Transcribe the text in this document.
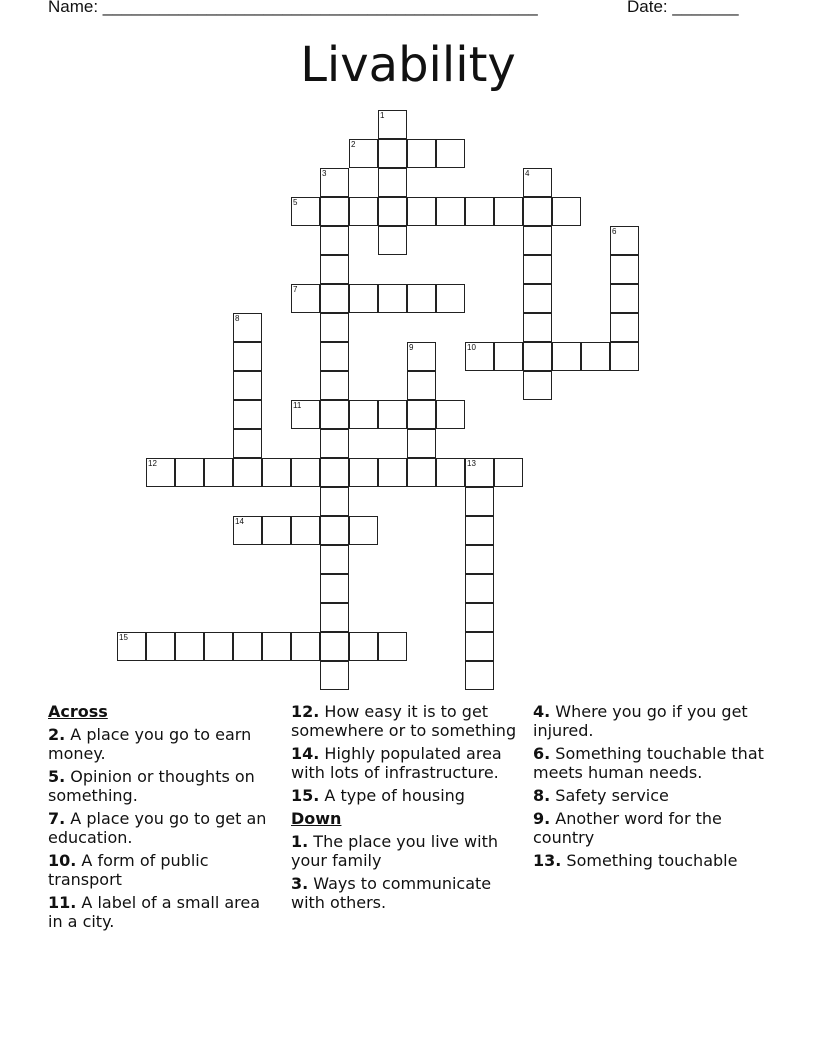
Name: ______________________________________________	Date: _______
Livability
2
5
7
10
11
12	13
14
15
1
3	4
6
8
9
Across
2. A place you go to earn money.
5. Opinion or thoughts on something.
7. A place you go to get an education.
10. A form of public transport
11. A label of a small area in a city.
12. How easy it is to get somewhere or to something
14. Highly populated area with lots of infrastructure.
15. A type of housing
Down
1. The place you live with your family
3. Ways to communicate with others.
4. Where you go if you get injured.
6. Something touchable that meets human needs.
8. Safety service
9. Another word for the country
13. Something touchable
